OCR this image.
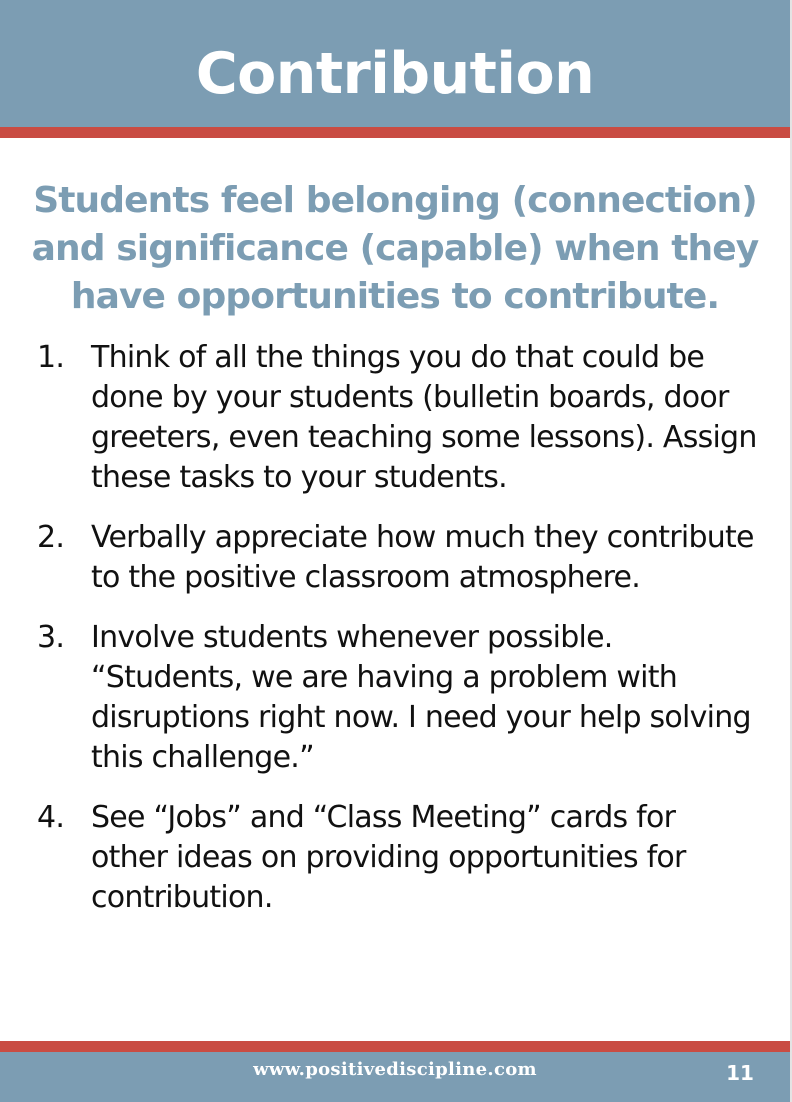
Contribution
Students feel belonging (connection) and significance (capable) when they have opportunities to contribute.
1. Think of all the things you do that could be done by your students (bulletin boards, door greeters, even teaching some lessons). Assign these tasks to your students.
2. Verbally appreciate how much they contribute to the positive classroom atmosphere.
3. Involve students whenever possible. “Students, we are having a problem with disruptions right now. I need your help solving this challenge.”
4. See “Jobs” and “Class Meeting” cards for other ideas on providing opportunities for contribution.
www.positivediscipline.com	11
